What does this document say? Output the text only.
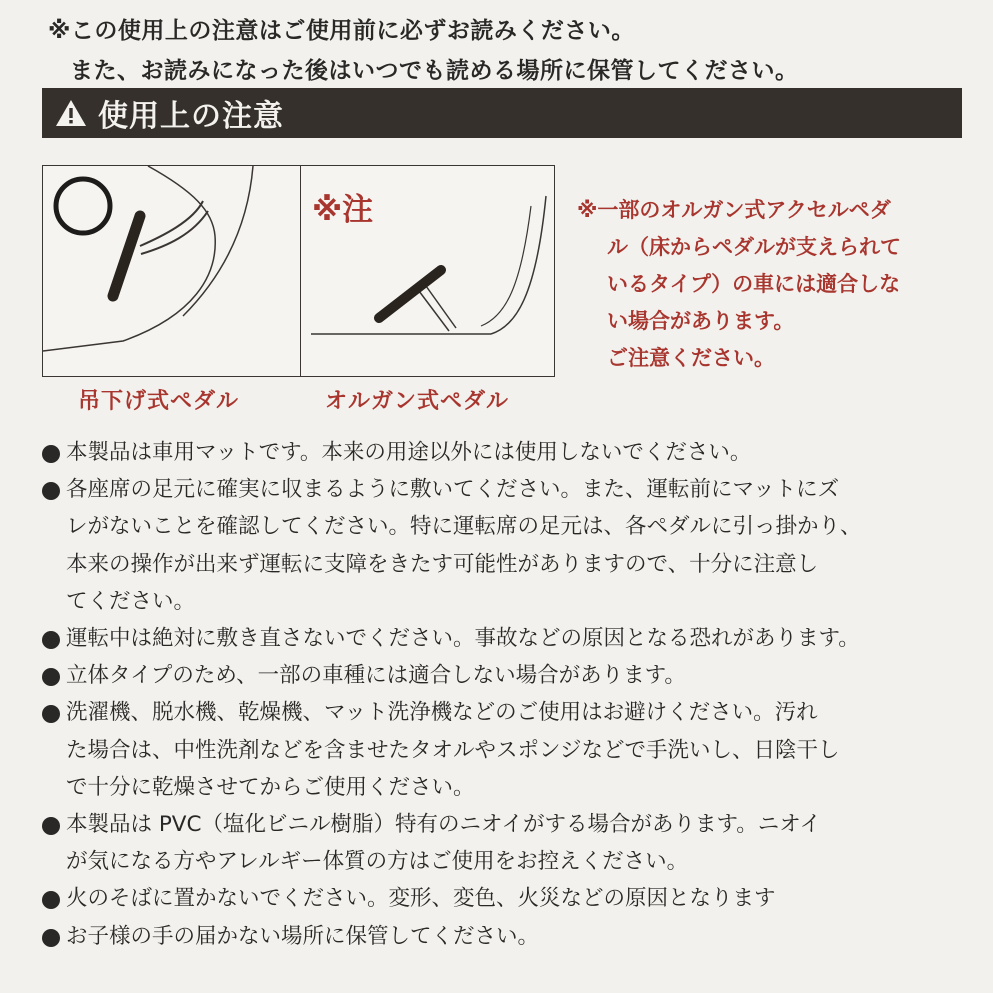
※この使用上の注意はご使用前に必ずお読みください。
また、お読みになった後はいつでも読める場所に保管してください。
使用上の注意
※注
吊下げ式ペダル	オルガン式ペダル
※一部のオルガン式アクセルペダ
ル（床からペダルが支えられて
いるタイプ）の車には適合しな
い場合があります。
ご注意ください。
本製品は車用マットです。本来の用途以外には使用しないでください。
各座席の足元に確実に収まるように敷いてください。また、運転前にマットにズ
レがないことを確認してください。特に運転席の足元は、各ペダルに引っ掛かり、
本来の操作が出来ず運転に支障をきたす可能性がありますので、十分に注意し
てください。
運転中は絶対に敷き直さないでください。事故などの原因となる恐れがあります。
立体タイプのため、一部の車種には適合しない場合があります。
洗濯機、脱水機、乾燥機、マット洗浄機などのご使用はお避けください。汚れ
た場合は、中性洗剤などを含ませたタオルやスポンジなどで手洗いし、日陰干し
で十分に乾燥させてからご使用ください。
本製品は PVC（塩化ビニル樹脂）特有のニオイがする場合があります。ニオイ
が気になる方やアレルギー体質の方はご使用をお控えください。
火のそばに置かないでください。変形、変色、火災などの原因となります
お子様の手の届かない場所に保管してください。
